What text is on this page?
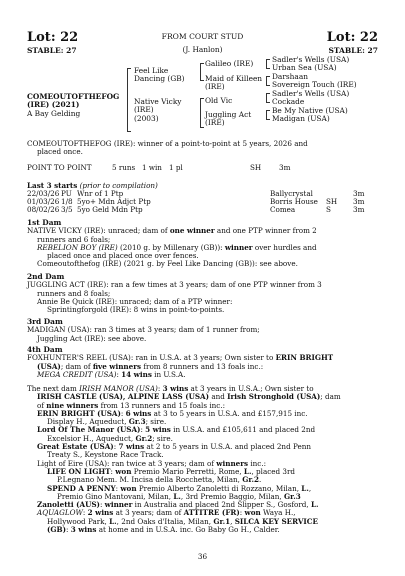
Lot: 22	Lot: 22
FROM COURT STUD
STABLE: 27	STABLE: 27
(J. Hanlon)
COMEOUTOFTHEFOG
(IRE) (2021)
A Bay Gelding
Feel Like
Dancing (GB)
Native Vicky
(IRE)
(2003)
Galileo (IRE)
Maid of Killeen
(IRE)
Old Vic
Juggling Act
(IRE)
Sadler's Wells (USA)
Urban Sea (USA)
Darshaan
Sovereign Touch (IRE)
Sadler's Wells (USA)
Cockade
Be My Native (USA)
Madigan (USA)
COMEOUTOFTHEFOG (IRE): winner of a point-to-point at 5 years, 2026 and
placed once.
POINT TO POINT	5 runs 1 win 1 pl	SH 3m
Last 3 starts (prior to compilation)
22/03/26	PU	Wnr of 1 Ptp	Ballycrystal		3m
01/03/26	1/8	5yo+ Mdn Adjct Ptp	Borris House	SH	3m
08/02/26	3/5	5yo Geld Mdn Ptp	Comea	S	3m
1st Dam
NATIVE VICKY (IRE): unraced; dam of one winner and one PTP winner from 2
runners and 6 foals;
REBELION BOY (IRE) (2010 g. by Millenary (GB)): winner over hurdles and
placed once and placed once over fences.
Comeoutofthefog (IRE) (2021 g. by Feel Like Dancing (GB)): see above.
2nd Dam
JUGGLING ACT (IRE): ran a few times at 3 years; dam of one PTP winner from 3
runners and 8 foals;
Annie Be Quick (IRE): unraced; dam of a PTP winner:
Sprintingforgold (IRE): 8 wins in point-to-points.
3rd Dam
MADIGAN (USA): ran 3 times at 3 years; dam of 1 runner from;
Juggling Act (IRE): see above.
4th Dam
FOXHUNTER'S REEL (USA): ran in U.S.A. at 3 years; Own sister to ERIN BRIGHT
(USA); dam of five winners from 8 runners and 13 foals inc.:
MEGA CREDIT (USA): 14 wins in U.S.A.
The next dam IRISH MANOR (USA): 3 wins at 3 years in U.S.A.; Own sister to
IRISH CASTLE (USA), ALPINE LASS (USA) and Irish Stronghold (USA); dam
of nine winners from 13 runners and 15 foals inc.:
ERIN BRIGHT (USA): 6 wins at 3 to 5 years in U.S.A. and £157,915 inc.
Display H., Aqueduct, Gr.3; sire.
Lord Of The Manor (USA): 5 wins in U.S.A. and £105,611 and placed 2nd
Excelsior H., Aqueduct, Gr.2; sire.
Great Estate (USA): 7 wins at 2 to 5 years in U.S.A. and placed 2nd Penn
Treaty S., Keystone Race Track.
Light of Eire (USA): ran twice at 3 years; dam of winners inc.:
LIFE ON LIGHT: won Premio Mario Perretti, Rome, L., placed 3rd
P.Legnano Mem. M. Incisa della Rocchetta, Milan, Gr.2.
SPEND A PENNY: won Premio Alberto Zanoletti di Rozzano, Milan, L.,
Premio Gino Mantovani, Milan, L., 3rd Premio Baggio, Milan, Gr.3
Zanoletti (AUS): winner in Australia and placed 2nd Slipper S., Gosford, L.
AQUAGLOW: 2 wins at 3 years; dam of ATTITRE (FR): won Waya H.,
Hollywood Park, L., 2nd Oaks d'Italia, Milan, Gr.1, SILCA KEY SERVICE
(GB): 3 wins at home and in U.S.A. inc. Go Baby Go H., Calder.
36
